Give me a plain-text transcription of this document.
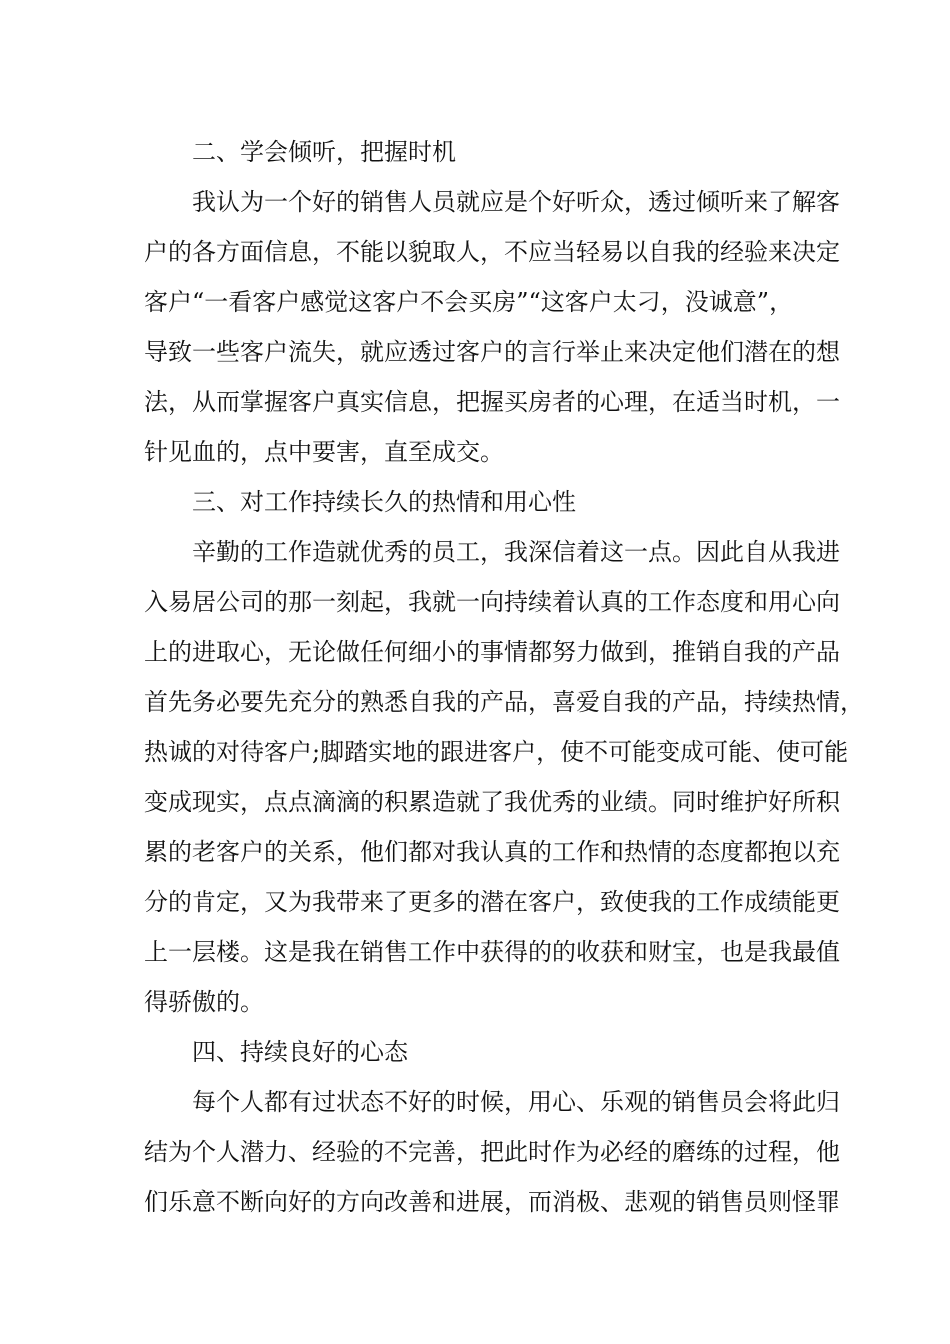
二、学会倾听，把握时机
我认为一个好的销售人员就应是个好听众，透过倾听来了解客
户的各方面信息，不能以貌取人，不应当轻易以自我的经验来决定
客户“一看客户感觉这客户不会买房”“这客户太刁，没诚意”，
导致一些客户流失，就应透过客户的言行举止来决定他们潜在的想
法，从而掌握客户真实信息，把握买房者的心理，在适当时机，一
针见血的，点中要害，直至成交。
三、对工作持续长久的热情和用心性
辛勤的工作造就优秀的员工，我深信着这一点。因此自从我进
入易居公司的那一刻起，我就一向持续着认真的工作态度和用心向
上的进取心，无论做任何细小的事情都努力做到，推销自我的产品
首先务必要先充分的熟悉自我的产品，喜爱自我的产品，持续热情，
热诚的对待客户;脚踏实地的跟进客户，使不可能变成可能、使可能
变成现实，点点滴滴的积累造就了我优秀的业绩。同时维护好所积
累的老客户的关系，他们都对我认真的工作和热情的态度都抱以充
分的肯定，又为我带来了更多的潜在客户，致使我的工作成绩能更
上一层楼。这是我在销售工作中获得的的收获和财宝，也是我最值
得骄傲的。
四、持续良好的心态
每个人都有过状态不好的时候，用心、乐观的销售员会将此归
结为个人潜力、经验的不完善，把此时作为必经的磨练的过程，他
们乐意不断向好的方向改善和进展，而消极、悲观的销售员则怪罪
